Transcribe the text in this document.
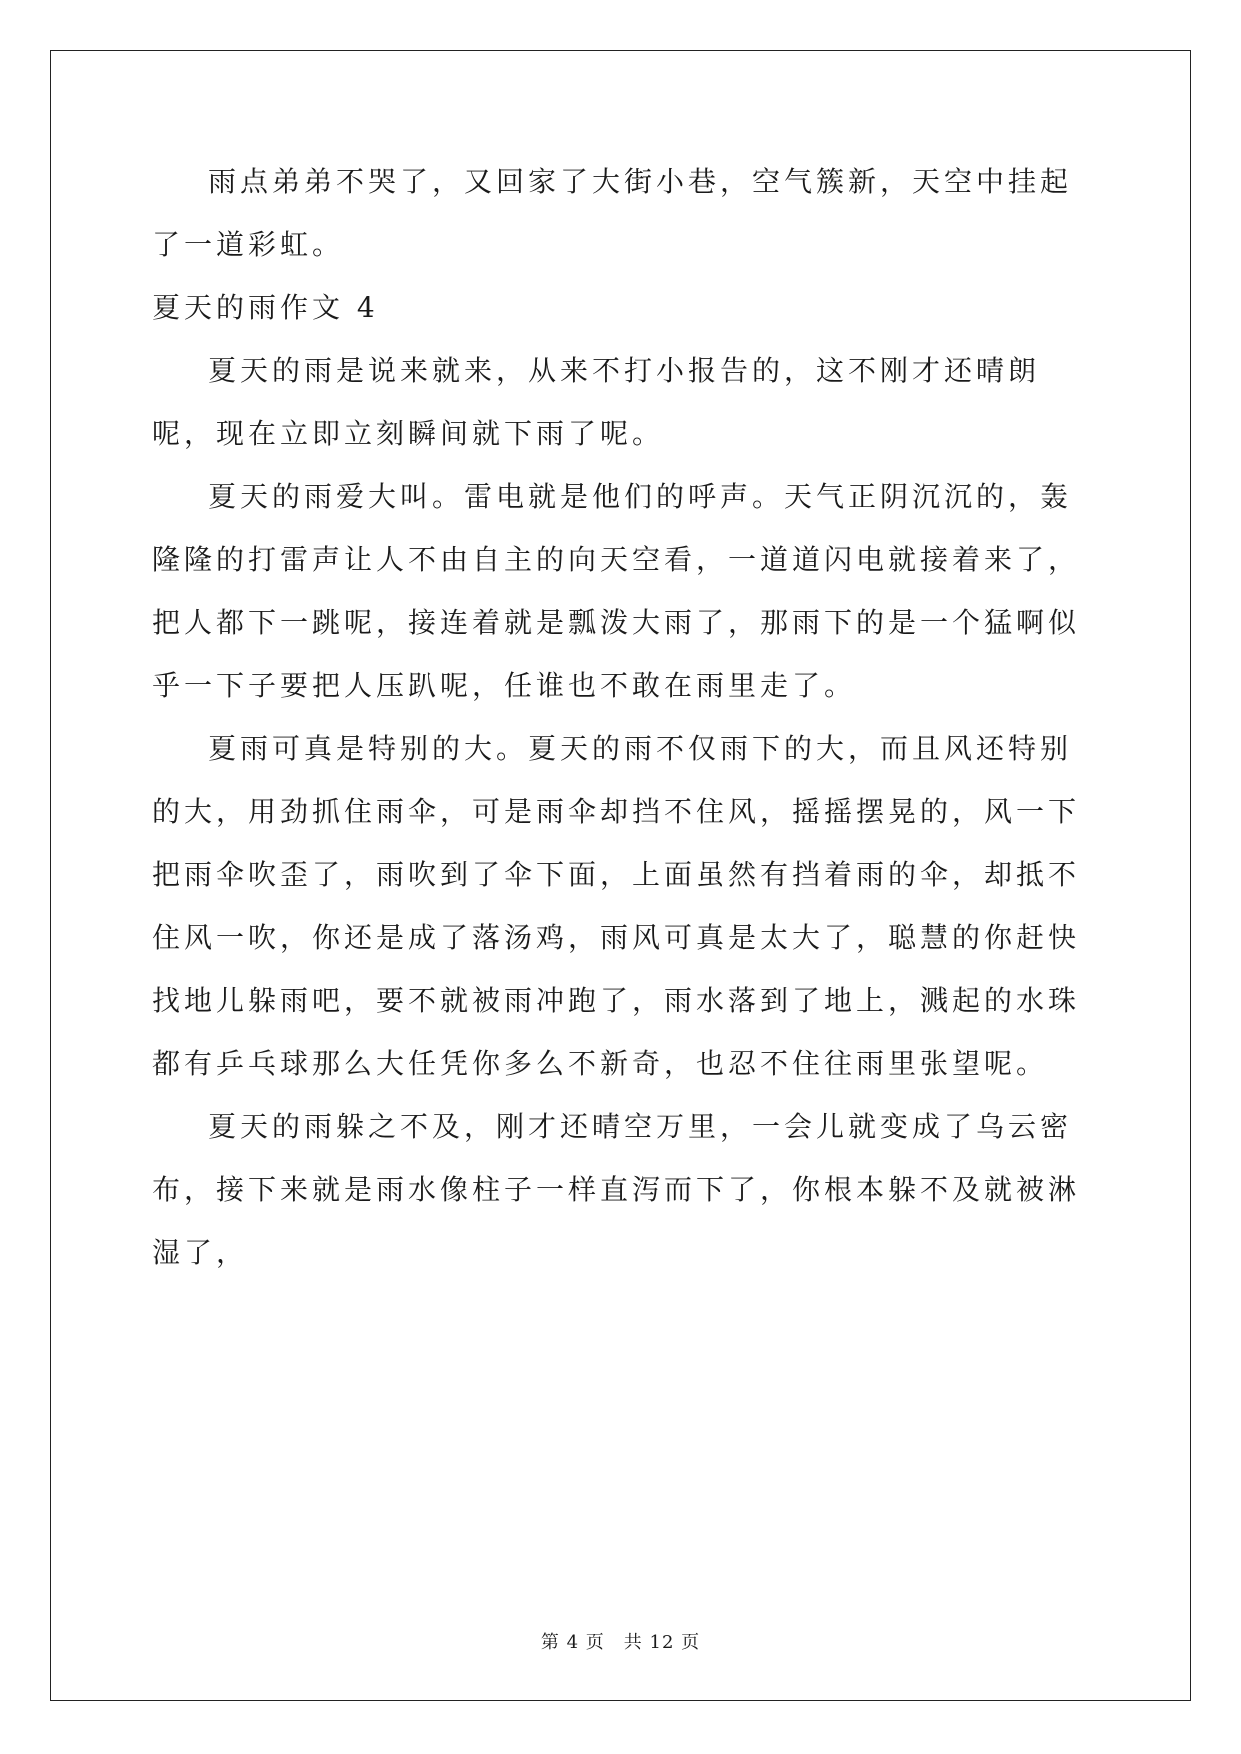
雨点弟弟不哭了，又回家了大街小巷，空气簇新，天空中挂起了一道彩虹。

夏天的雨作文 4

夏天的雨是说来就来，从来不打小报告的，这不刚才还晴朗呢，现在立即立刻瞬间就下雨了呢。

夏天的雨爱大叫。雷电就是他们的呼声。天气正阴沉沉的，轰隆隆的打雷声让人不由自主的向天空看，一道道闪电就接着来了，把人都下一跳呢，接连着就是瓢泼大雨了，那雨下的是一个猛啊似乎一下子要把人压趴呢，任谁也不敢在雨里走了。

夏雨可真是特别的大。夏天的雨不仅雨下的大，而且风还特别的大，用劲抓住雨伞，可是雨伞却挡不住风，摇摇摆晃的，风一下把雨伞吹歪了，雨吹到了伞下面，上面虽然有挡着雨的伞，却抵不住风一吹，你还是成了落汤鸡，雨风可真是太大了，聪慧的你赶快找地儿躲雨吧，要不就被雨冲跑了，雨水落到了地上，溅起的水珠都有乒乓球那么大任凭你多么不新奇，也忍不住往雨里张望呢。

夏天的雨躲之不及，刚才还晴空万里，一会儿就变成了乌云密布，接下来就是雨水像柱子一样直泻而下了，你根本躲不及就被淋湿了，

第 4 页　共 12 页
